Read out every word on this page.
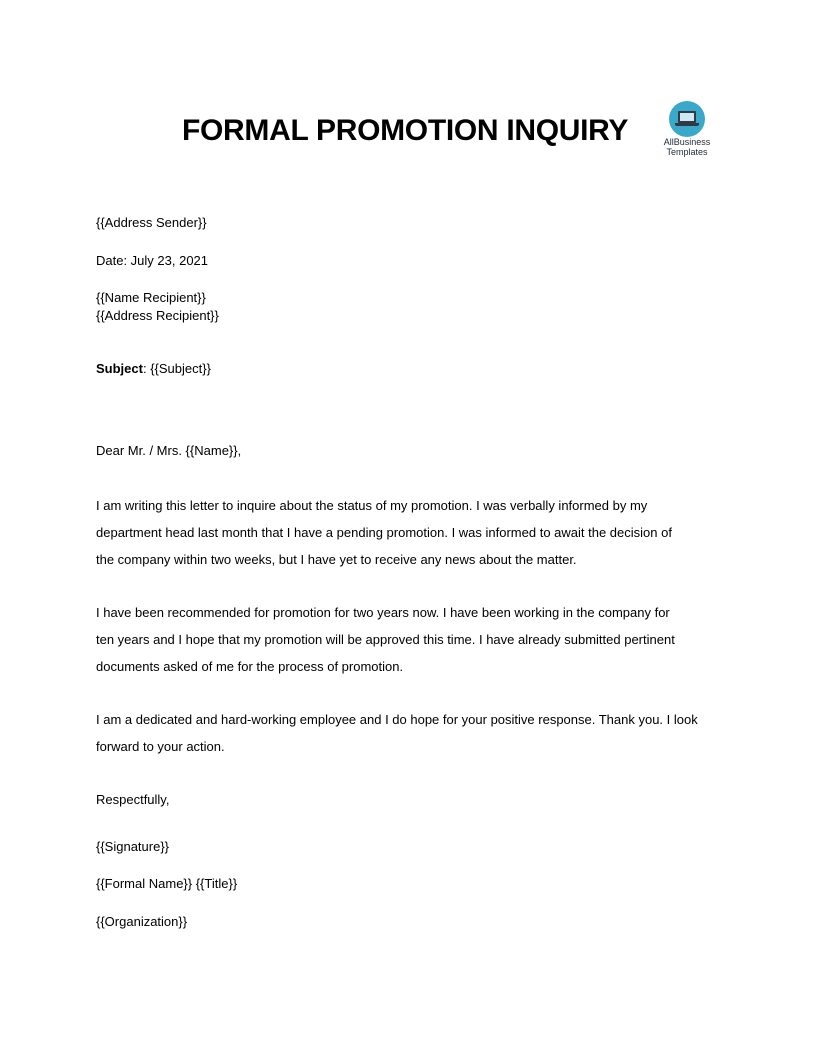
FORMAL PROMOTION INQUIRY	AllBusiness
Templates
{{Address Sender}}
Date: July 23, 2021
{{Name Recipient}}
{{Address Recipient}}
Subject: {{Subject}}
Dear Mr. / Mrs. {{Name}},
I am writing this letter to inquire about the status of my promotion. I was verbally informed by my
department head last month that I have a pending promotion. I was informed to await the decision of
the company within two weeks, but I have yet to receive any news about the matter.
I have been recommended for promotion for two years now. I have been working in the company for
ten years and I hope that my promotion will be approved this time. I have already submitted pertinent
documents asked of me for the process of promotion.
I am a dedicated and hard-working employee and I do hope for your positive response. Thank you. I look
forward to your action.
Respectfully,
{{Signature}}
{{Formal Name}} {{Title}}
{{Organization}}
